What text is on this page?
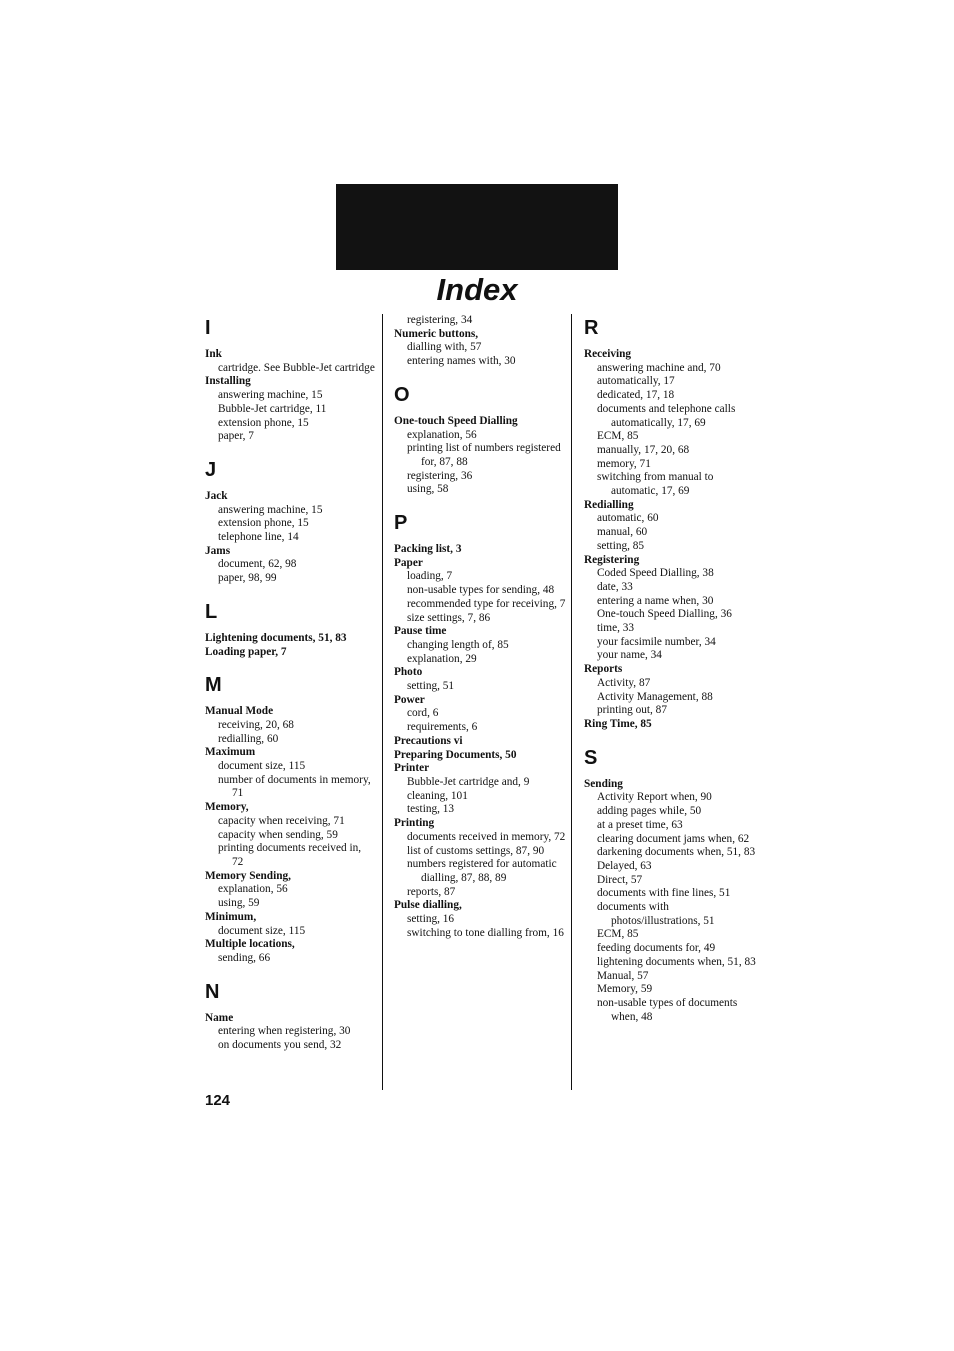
Index
I
Ink
cartridge. See Bubble-Jet cartridge
Installing
answering machine, 15
Bubble-Jet cartridge, 11
extension phone, 15
paper, 7
J
Jack
answering machine, 15
extension phone, 15
telephone line, 14
Jams
document, 62, 98
paper, 98, 99
L
Lightening documents, 51, 83
Loading paper, 7
M
Manual Mode
receiving, 20, 68
redialling, 60
Maximum
document size, 115
number of documents in memory, 71
Memory,
capacity when receiving, 71
capacity when sending, 59
printing documents received in, 72
Memory Sending,
explanation, 56
using, 59
Minimum,
document size, 115
Multiple locations,
sending, 66
N
Name
entering when registering, 30
on documents you send, 32
registering, 34
Numeric buttons,
dialling with, 57
entering names with, 30
O
One-touch Speed Dialling
explanation, 56
printing list of numbers registered for, 87, 88
registering, 36
using, 58
P
Packing list, 3
Paper
loading, 7
non-usable types for sending, 48
recommended type for receiving, 7
size settings, 7, 86
Pause time
changing length of, 85
explanation, 29
Photo
setting, 51
Power
cord, 6
requirements, 6
Precautions vi
Preparing Documents, 50
Printer
Bubble-Jet cartridge and, 9
cleaning, 101
testing, 13
Printing
documents received in memory, 72
list of customs settings, 87, 90
numbers registered for automatic dialling, 87, 88, 89
reports, 87
Pulse dialling,
setting, 16
switching to tone dialling from, 16
R
Receiving
answering machine and, 70
automatically, 17
dedicated, 17, 18
documents and telephone calls automatically, 17, 69
ECM, 85
manually, 17, 20, 68
memory, 71
switching from manual to automatic, 17, 69
Redialling
automatic, 60
manual, 60
setting, 85
Registering
Coded Speed Dialling, 38
date, 33
entering a name when, 30
One-touch Speed Dialling, 36
time, 33
your facsimile number, 34
your name, 34
Reports
Activity, 87
Activity Management, 88
printing out, 87
Ring Time, 85
S
Sending
Activity Report when, 90
adding pages while, 50
at a preset time, 63
clearing document jams when, 62
darkening documents when, 51, 83
Delayed, 63
Direct, 57
documents with fine lines, 51
documents with photos/illustrations, 51
ECM, 85
feeding documents for, 49
lightening documents when, 51, 83
Manual, 57
Memory, 59
non-usable types of documents when, 48
124
